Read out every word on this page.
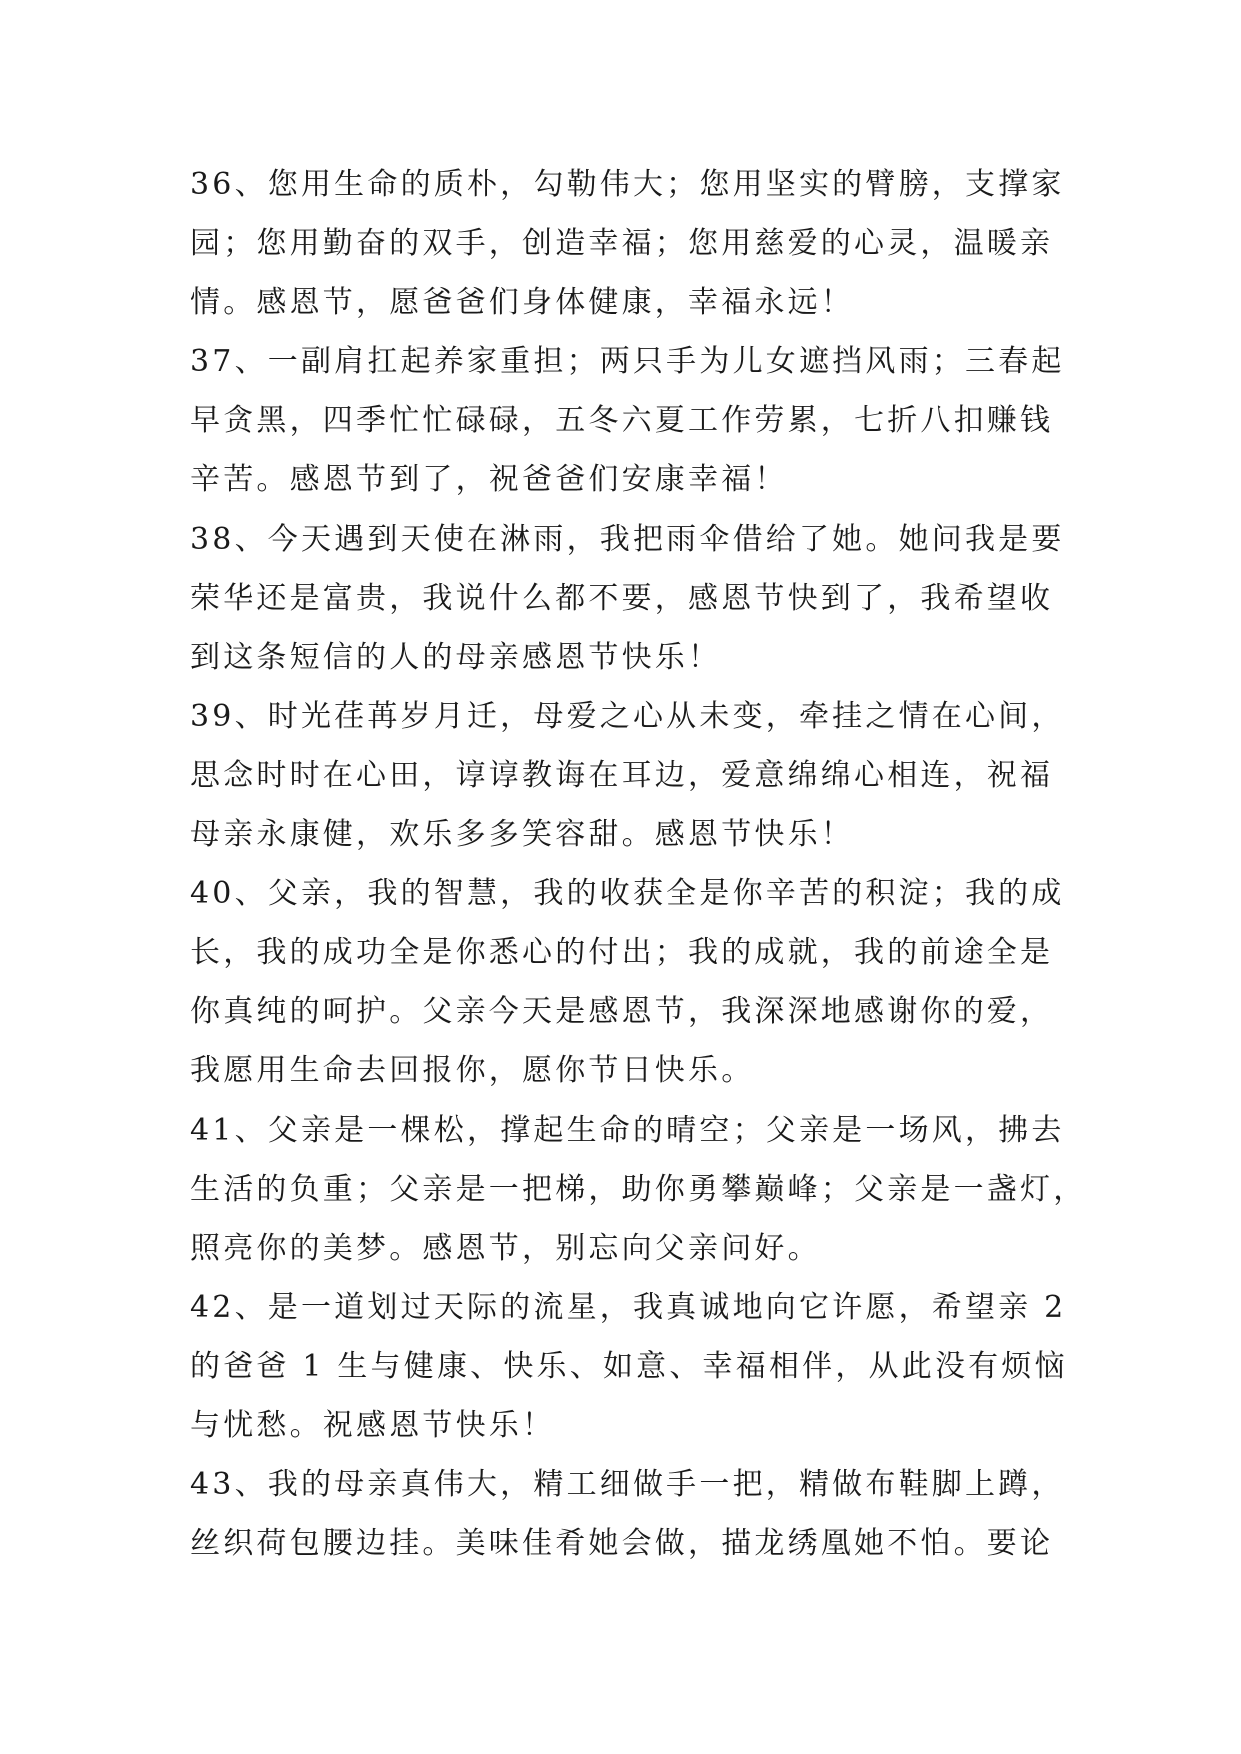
36、您用生命的质朴，勾勒伟大；您用坚实的臂膀，支撑家
园；您用勤奋的双手，创造幸福；您用慈爱的心灵，温暖亲
情。感恩节，愿爸爸们身体健康，幸福永远！
37、一副肩扛起养家重担；两只手为儿女遮挡风雨；三春起
早贪黑，四季忙忙碌碌，五冬六夏工作劳累，七折八扣赚钱
辛苦。感恩节到了，祝爸爸们安康幸福！
38、今天遇到天使在淋雨，我把雨伞借给了她。她问我是要
荣华还是富贵，我说什么都不要，感恩节快到了，我希望收
到这条短信的人的母亲感恩节快乐！
39、时光荏苒岁月迁，母爱之心从未变，牵挂之情在心间，
思念时时在心田，谆谆教诲在耳边，爱意绵绵心相连，祝福
母亲永康健，欢乐多多笑容甜。感恩节快乐！
40、父亲，我的智慧，我的收获全是你辛苦的积淀；我的成
长，我的成功全是你悉心的付出；我的成就，我的前途全是
你真纯的呵护。父亲今天是感恩节，我深深地感谢你的爱，
我愿用生命去回报你，愿你节日快乐。
41、父亲是一棵松，撑起生命的晴空；父亲是一场风，拂去
生活的负重；父亲是一把梯，助你勇攀巅峰；父亲是一盏灯，
照亮你的美梦。感恩节，别忘向父亲问好。
42、是一道划过天际的流星，我真诚地向它许愿，希望亲 2
的爸爸 1 生与健康、快乐、如意、幸福相伴，从此没有烦恼
与忧愁。祝感恩节快乐！
43、我的母亲真伟大，精工细做手一把，精做布鞋脚上蹲，
丝织荷包腰边挂。美味佳肴她会做，描龙绣凰她不怕。要论
